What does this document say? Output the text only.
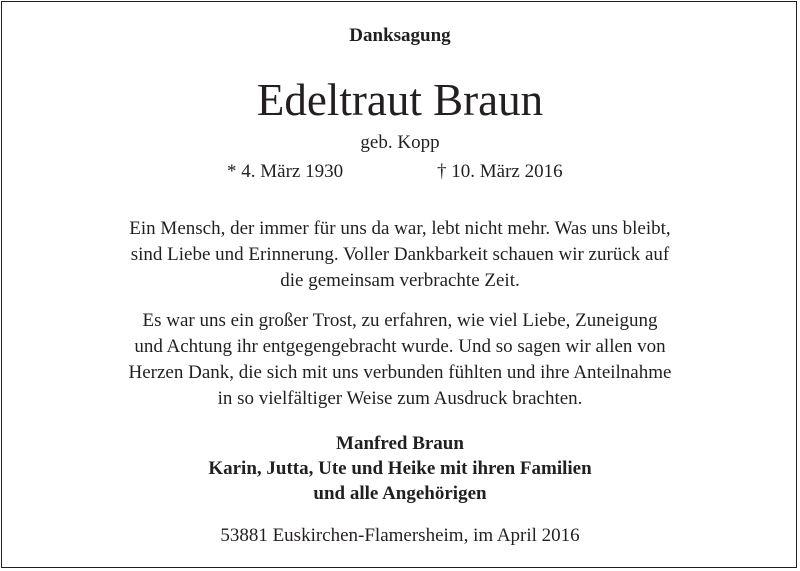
Danksagung
Edeltraut Braun
geb. Kopp
* 4. März 1930	† 10. März 2016
Ein Mensch, der immer für uns da war, lebt nicht mehr. Was uns bleibt,
sind Liebe und Erinnerung. Voller Dankbarkeit schauen wir zurück auf
die gemeinsam verbrachte Zeit.
Es war uns ein großer Trost, zu erfahren, wie viel Liebe, Zuneigung
und Achtung ihr entgegengebracht wurde. Und so sagen wir allen von
Herzen Dank, die sich mit uns verbunden fühlten und ihre Anteilnahme
in so vielfältiger Weise zum Ausdruck brachten.
Manfred Braun
Karin, Jutta, Ute und Heike mit ihren Familien
und alle Angehörigen
53881 Euskirchen-Flamersheim, im April 2016
